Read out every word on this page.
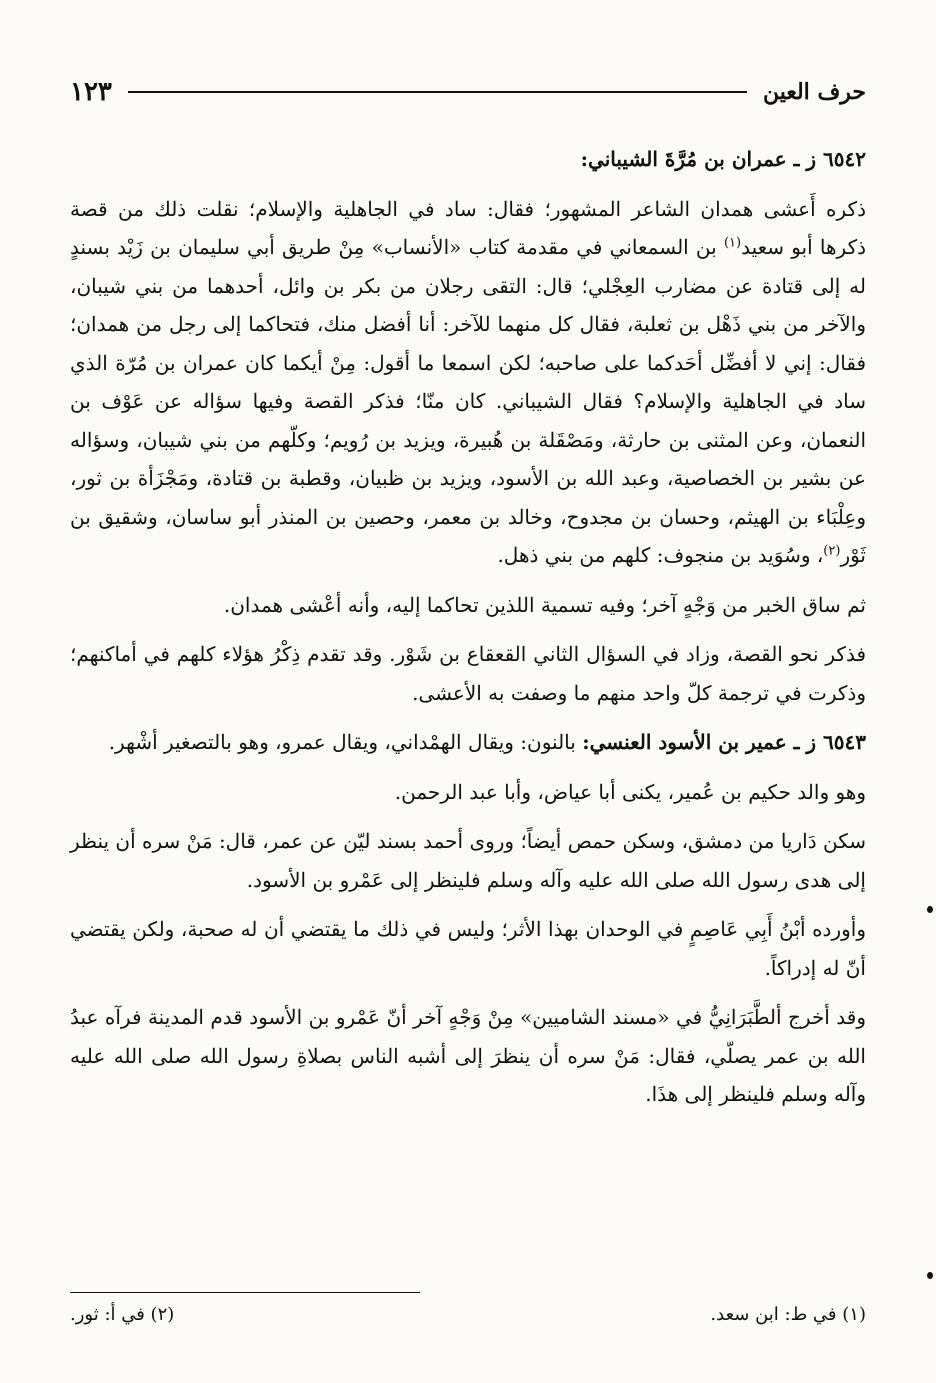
حرف العين
١٢٣

٦٥٤٢ ز ـ عمران بن مُرَّةَ الشيباني:

ذكره أَعشى همدان الشاعر المشهور؛ فقال: ساد في الجاهلية والإسلام؛ نقلت ذلك من قصة ذكرها أبو سعيد$^{(١)}$ بن السمعاني في مقدمة كتاب «الأنساب» مِنْ طريق أبي سليمان بن زَيْد بسندٍ له إلى قتادة عن مضارب العِجْلي؛ قال: التقى رجلان من بكر بن وائل، أحدهما من بني شيبان، والآخر من بني ذَهْل بن ثعلبة، فقال كل منهما للآخر: أنا أفضل منك، فتحاكما إلى رجل من همدان؛ فقال: إني لا أفضِّل أحَدكما على صاحبه؛ لكن اسمعا ما أقول: مِنْ أيكما كان عمران بن مُرّة الذي ساد في الجاهلية والإسلام؟ فقال الشيباني. كان منّا؛ فذكر القصة وفيها سؤاله عن عَوْف بن النعمان، وعن المثنى بن حارثة، ومَصْقَلة بن هُبيرة، ويزيد بن رُويم؛ وكلّهم من بني شيبان، وسؤاله عن بشير بن الخصاصية، وعبد الله بن الأسود، ويزيد بن ظبيان، وقطبة بن قتادة، ومَجْزَأة بن ثور، وعِلْبَاء بن الهيثم، وحسان بن مجدوح، وخالد بن معمر، وحصين بن المنذر أبو ساسان، وشقيق بن ثَوْر$^{(٢)}$، وسُوَيد بن منجوف: كلهم من بني ذهل.

ثم ساق الخبر من وَجْهٍ آخر؛ وفيه تسمية اللذين تحاكما إليه، وأنه أعْشى همدان.

فذكر نحو القصة، وزاد في السؤال الثاني القعقاع بن شَوْر. وقد تقدم ذِكْرُ هؤلاء كلهم في أماكنهم؛ وذكرت في ترجمة كلّ واحد منهم ما وصفت به الأعشى.

٦٥٤٣ ز ـ عمير بن الأسود العنسي: بالنون: ويقال الهمْداني، ويقال عمرو، وهو بالتصغير أشْهر.

وهو والد حكيم بن عُمير، يكنى أبا عياض، وأبا عبد الرحمن.

سكن دَاريا من دمشق، وسكن حمص أيضاً؛ وروى أحمد بسند ليّن عن عمر، قال: مَنْ سره أن ينظر إلى هدى رسول الله صلى الله عليه وآله وسلم فلينظر إلى عَمْرو بن الأسود.

وأورده أبْنُ أَبِي عَاصِمٍ في الوحدان بهذا الأثر؛ وليس في ذلك ما يقتضي أن له صحبة، ولكن يقتضي أنّ له إدراكاً.

وقد أخرج ألطَّبَرَانِيُّ في «مسند الشاميين» مِنْ وَجْهٍ آخر أنّ عَمْرو بن الأسود قدم المدينة فرآه عبدُ الله بن عمر يصلّي، فقال: مَنْ سره أن ينظرَ إلى أشبه الناس بصلاةِ رسول الله صلى الله عليه وآله وسلم فلينظر إلى هذَا.

(١) في ط: ابن سعد.
(٢) في أ: ثور.
